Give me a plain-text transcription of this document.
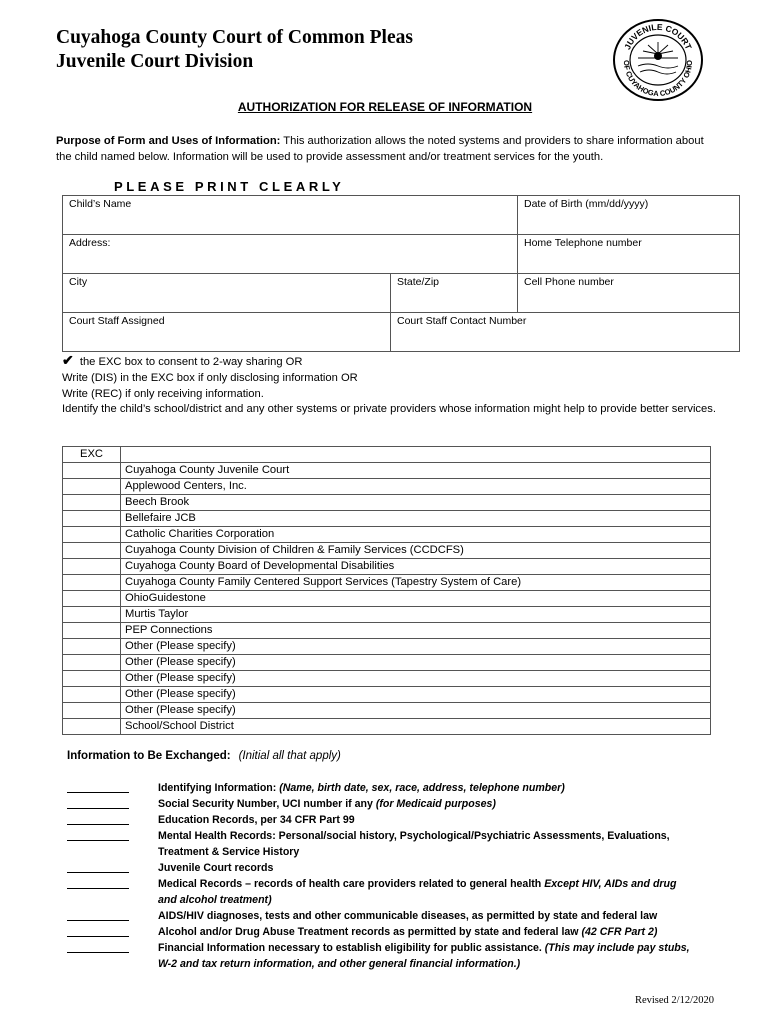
Cuyahoga County Court of Common Pleas
Juvenile Court Division
JUVENILE COURT
OF CUYAHOGA COUNTY OHIO
AUTHORIZATION FOR RELEASE OF INFORMATION
Purpose of Form and Uses of Information: This authorization allows the noted systems and providers to share information about the child named below. Information will be used to provide assessment and/or treatment services for the youth.
PLEASE PRINT CLEARLY
Child’s Name		Date of Birth (mm/dd/yyyy)
Address:		Home Telephone number
City	State/Zip	Cell Phone number
Court Staff Assigned	Court Staff Contact Number	
✔ the EXC box to consent to 2-way sharing OR
Write (DIS) in the EXC box if only disclosing information OR
Write (REC) if only receiving information.
Identify the child’s school/district and any other systems or private providers whose information might help to provide better services.
EXC	
	Cuyahoga County Juvenile Court
	Applewood Centers, Inc.
	Beech Brook
	Bellefaire JCB
	Catholic Charities Corporation
	Cuyahoga County Division of Children & Family Services (CCDCFS)
	Cuyahoga County Board of Developmental Disabilities
	Cuyahoga County Family Centered Support Services (Tapestry System of Care)
	OhioGuidestone
	Murtis Taylor
	PEP Connections
	Other (Please specify)
	Other (Please specify)
	Other (Please specify)
	Other (Please specify)
	Other (Please specify)
	School/School District
Information to Be Exchanged: (Initial all that apply)
Identifying Information: (Name, birth date, sex, race, address, telephone number)
Social Security Number, UCI number if any (for Medicaid purposes)
Education Records, per 34 CFR Part 99
Mental Health Records: Personal/social history, Psychological/Psychiatric Assessments, Evaluations,
Treatment & Service History
Juvenile Court records
Medical Records – records of health care providers related to general health Except HIV, AIDs and drug
and alcohol treatment)
AIDS/HIV diagnoses, tests and other communicable diseases, as permitted by state and federal law
Alcohol and/or Drug Abuse Treatment records as permitted by state and federal law (42 CFR Part 2)
Financial Information necessary to establish eligibility for public assistance. (This may include pay stubs,
W-2 and tax return information, and other general financial information.)
Revised 2/12/2020
